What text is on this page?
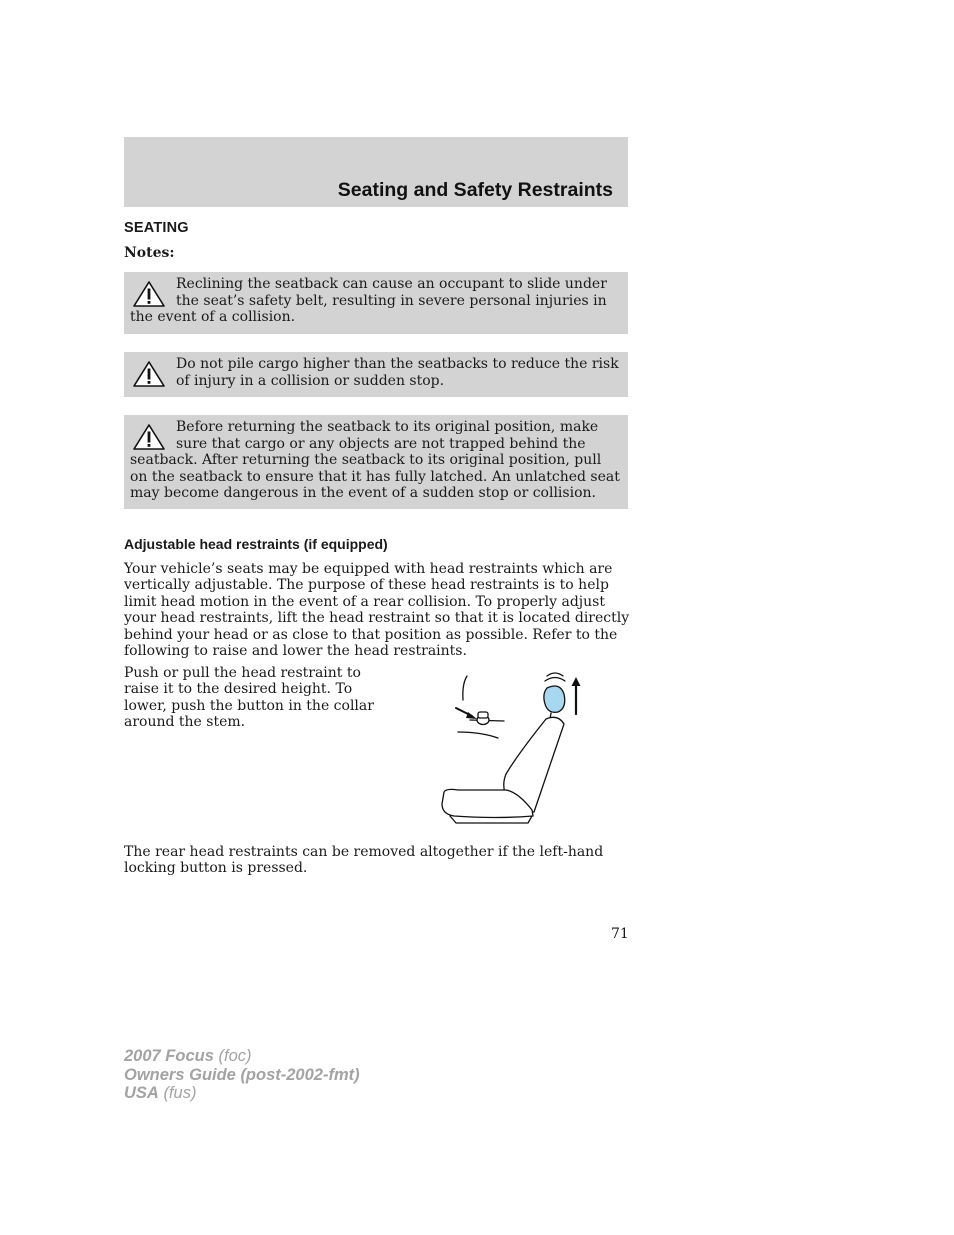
Seating and Safety Restraints
SEATING
Notes:
Reclining the seatback can cause an occupant to slide under the seat’s safety belt, resulting in severe personal injuries in the event of a collision.
Do not pile cargo higher than the seatbacks to reduce the risk of injury in a collision or sudden stop.
Before returning the seatback to its original position, make sure that cargo or any objects are not trapped behind the seatback. After returning the seatback to its original position, pull on the seatback to ensure that it has fully latched. An unlatched seat may become dangerous in the event of a sudden stop or collision.
Adjustable head restraints (if equipped)
Your vehicle’s seats may be equipped with head restraints which are vertically adjustable. The purpose of these head restraints is to help limit head motion in the event of a rear collision. To properly adjust your head restraints, lift the head restraint so that it is located directly behind your head or as close to that position as possible. Refer to the following to raise and lower the head restraints.
Push or pull the head restraint to raise it to the desired height. To lower, push the button in the collar around the stem.
The rear head restraints can be removed altogether if the left-hand locking button is pressed.
71
2007 Focus (foc)
Owners Guide (post-2002-fmt)
USA (fus)
